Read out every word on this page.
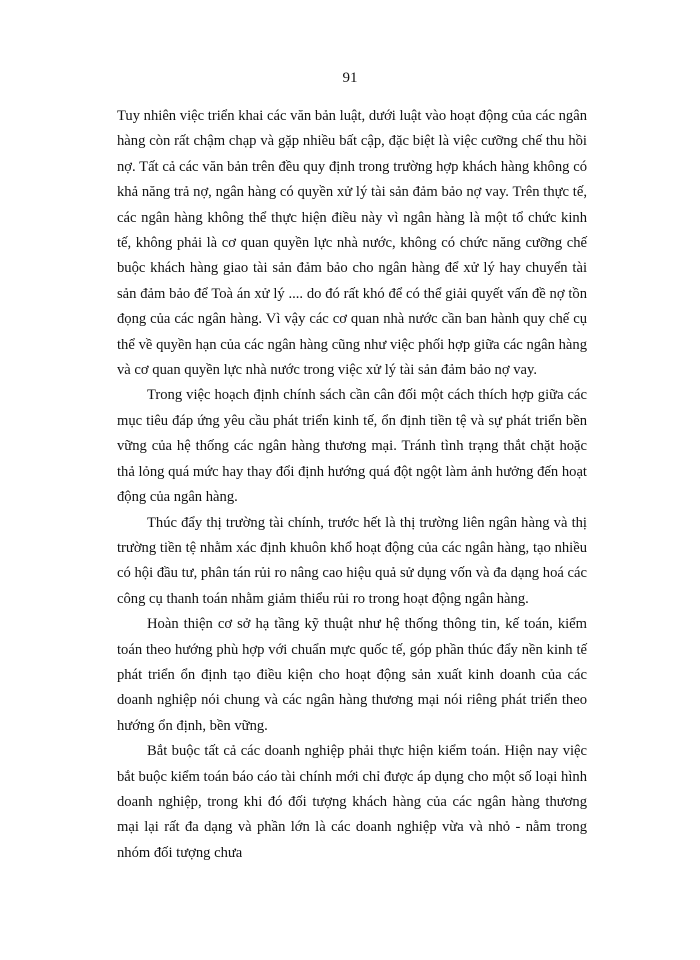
91

Tuy nhiên việc triển khai các văn bản luật, dưới luật vào hoạt động của các ngân hàng còn rất chậm chạp và gặp nhiều bất cập, đặc biệt là việc cưỡng chế thu hồi nợ. Tất cả các văn bản trên đều quy định trong trường hợp khách hàng không có khả năng trả nợ, ngân hàng có quyền xử lý tài sản đảm bảo nợ vay. Trên thực tế, các ngân hàng không thể thực hiện điều này vì ngân hàng là một tổ chức kinh tế, không phải là cơ quan quyền lực nhà nước, không có chức năng cưỡng chế buộc khách hàng giao tài sản đảm bảo cho ngân hàng để xử lý hay chuyển tài sản đảm bảo để Toà án xử lý .... do đó rất khó để có thể giải quyết vấn đề nợ tồn đọng của các ngân hàng. Vì vậy các cơ quan nhà nước cần ban hành quy chế cụ thể về quyền hạn của các ngân hàng cũng như việc phối hợp giữa các ngân hàng và cơ quan quyền lực nhà nước trong việc xử lý tài sản đảm bảo nợ vay.

Trong việc hoạch định chính sách cần cân đối một cách thích hợp giữa các mục tiêu đáp ứng yêu cầu phát triển kinh tế, ổn định tiền tệ và sự phát triển bền vững của hệ thống các ngân hàng thương mại. Tránh tình trạng thắt chặt hoặc thả lỏng quá mức hay thay đổi định hướng quá đột ngột làm ảnh hưởng đến hoạt động của ngân hàng.

Thúc đẩy thị trường tài chính, trước hết là thị trường liên ngân hàng và thị trường tiền tệ nhằm xác định khuôn khổ hoạt động của các ngân hàng, tạo nhiều có hội đầu tư, phân tán rủi ro nâng cao hiệu quả sử dụng vốn và đa dạng hoá các công cụ thanh toán nhằm giảm thiểu rủi ro trong hoạt động ngân hàng.

Hoàn thiện cơ sở hạ tầng kỹ thuật như hệ thống thông tin, kế toán, kiểm toán theo hướng phù hợp với chuẩn mực quốc tế, góp phần thúc đẩy nền kinh tế phát triển ổn định tạo điều kiện cho hoạt động sản xuất kinh doanh của các doanh nghiệp nói chung và các ngân hàng thương mại nói riêng phát triển theo hướng ổn định, bền vững.

Bắt buộc tất cả các doanh nghiệp phải thực hiện kiểm toán. Hiện nay việc bắt buộc kiểm toán báo cáo tài chính mới chỉ được áp dụng cho một số loại hình doanh nghiệp, trong khi đó đối tượng khách hàng của các ngân hàng thương mại lại rất đa dạng và phần lớn là các doanh nghiệp vừa và nhỏ - nằm trong nhóm đối tượng chưa
